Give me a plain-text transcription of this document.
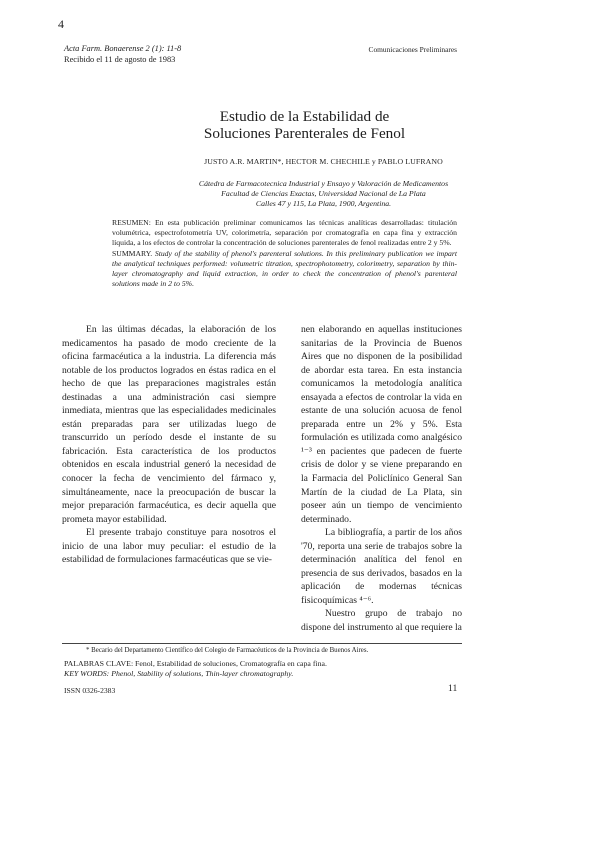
4
Acta Farm. Bonaerense 2 (1): 11-8
Recibido el 11 de agosto de 1983
Comunicaciones Preliminares
Estudio de la Estabilidad de
Soluciones Parenterales de Fenol
JUSTO A.R. MARTIN*, HECTOR M. CHECHILE y PABLO LUFRANO
Cátedra de Farmacotecnica Industrial y Ensayo y Valoración de Medicamentos
Facultad de Ciencias Exactas, Universidad Nacional de La Plata
Calles 47 y 115, La Plata, 1900, Argentina.

RESUMEN: En esta publicación preliminar comunicamos las técnicas analíticas desarrolladas: titulación volumétrica, espectrofotometría UV, colorimetría, separación por cromatografía en capa fina y extracción líquida, a los efectos de controlar la concentración de soluciones parenterales de fenol realizadas entre 2 y 5%.

SUMMARY. Study of the stability of phenol's parenteral solutions. In this preliminary publication we impart the analytical techniques performed: volumetric titration, spectrophotometry, colorimetry, separation by thin-layer chromatography and liquid extraction, in order to check the concentration of phenol's parenteral solutions made in 2 to 5%.

En las últimas décadas, la elaboración de los medicamentos ha pasado de modo creciente de la oficina farmacéutica a la industria. La diferencia más notable de los productos logrados en éstas radica en el hecho de que las preparaciones magistrales están destinadas a una administración casi siempre inmediata, mientras que las especialidades medicinales están preparadas para ser utilizadas luego de transcurrido un período desde el instante de su fabricación. Esta característica de los productos obtenidos en escala industrial generó la necesidad de conocer la fecha de vencimiento del fármaco y, simultáneamente, nace la preocupación de buscar la mejor preparación farmacéutica, es decir aquella que prometa mayor estabilidad.

El presente trabajo constituye para nosotros el inicio de una labor muy peculiar: el estudio de la estabilidad de formulaciones farmacéuticas que se vie-

nen elaborando en aquellas instituciones sanitarias de la Provincia de Buenos Aires que no disponen de la posibilidad de abordar esta tarea. En esta instancia comunicamos la metodología analítica ensayada a efectos de controlar la vida en estante de una solución acuosa de fenol preparada entre un 2% y 5%. Esta formulación es utilizada como analgésico ¹⁻³ en pacientes que padecen de fuerte crisis de dolor y se viene preparando en la Farmacia del Policlínico General San Martín de la ciudad de La Plata, sin poseer aún un tiempo de vencimiento determinado.

La bibliografía, a partir de los años '70, reporta una serie de trabajos sobre la determinación analítica del fenol en presencia de sus derivados, basados en la aplicación de modernas técnicas fisicoquímicas ⁴⁻⁶.

Nuestro grupo de trabajo no dispone del instrumento al que requiere la

* Becario del Departamento Científico del Colegio de Farmacéuticos de la Provincia de Buenos Aires.
PALABRAS CLAVE: Fenol, Estabilidad de soluciones, Cromatografía en capa fina.
KEY WORDS: Phenol, Stability of solutions, Thin-layer chromatography.
ISSN 0326-2383	11
